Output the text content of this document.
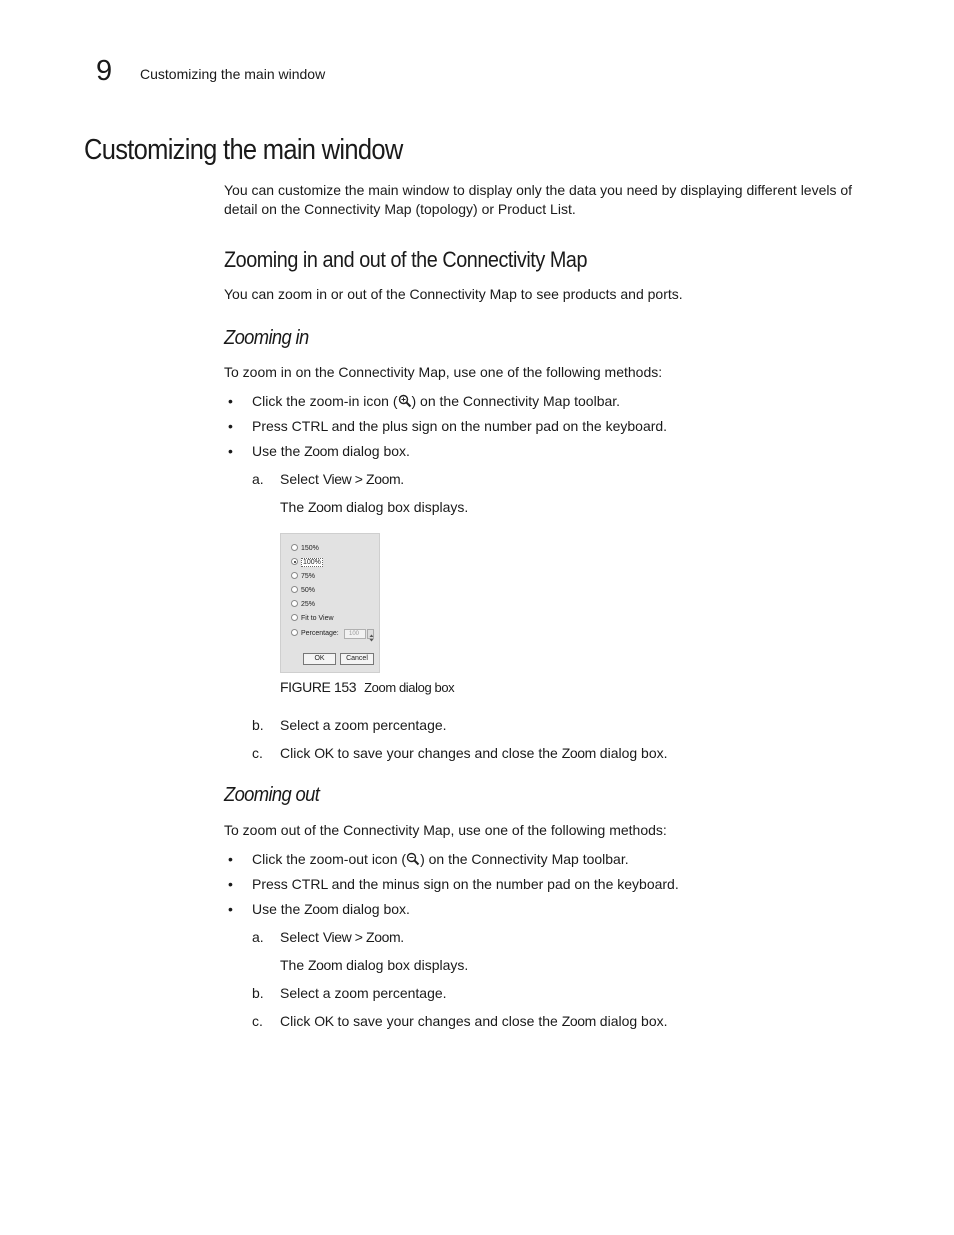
9 Customizing the main window
Customizing the main window
You can customize the main window to display only the data you need by displaying different levels of detail on the Connectivity Map (topology) or Product List.
Zooming in and out of the Connectivity Map
You can zoom in or out of the Connectivity Map to see products and ports.
Zooming in
To zoom in on the Connectivity Map, use one of the following methods:
• Click the zoom-in icon ( ) on the Connectivity Map toolbar.
• Press CTRL and the plus sign on the number pad on the keyboard.
• Use the Zoom dialog box.
a. Select View > Zoom.
The Zoom dialog box displays.
150%
100%
75%
50%
25%
Fit to View
Percentage:	100
OK	Cancel
FIGURE 153 Zoom dialog box
b. Select a zoom percentage.
c. Click OK to save your changes and close the Zoom dialog box.
Zooming out
To zoom out of the Connectivity Map, use one of the following methods:
• Click the zoom-out icon ( ) on the Connectivity Map toolbar.
• Press CTRL and the minus sign on the number pad on the keyboard.
• Use the Zoom dialog box.
a. Select View > Zoom.
The Zoom dialog box displays.
b. Select a zoom percentage.
c. Click OK to save your changes and close the Zoom dialog box.
